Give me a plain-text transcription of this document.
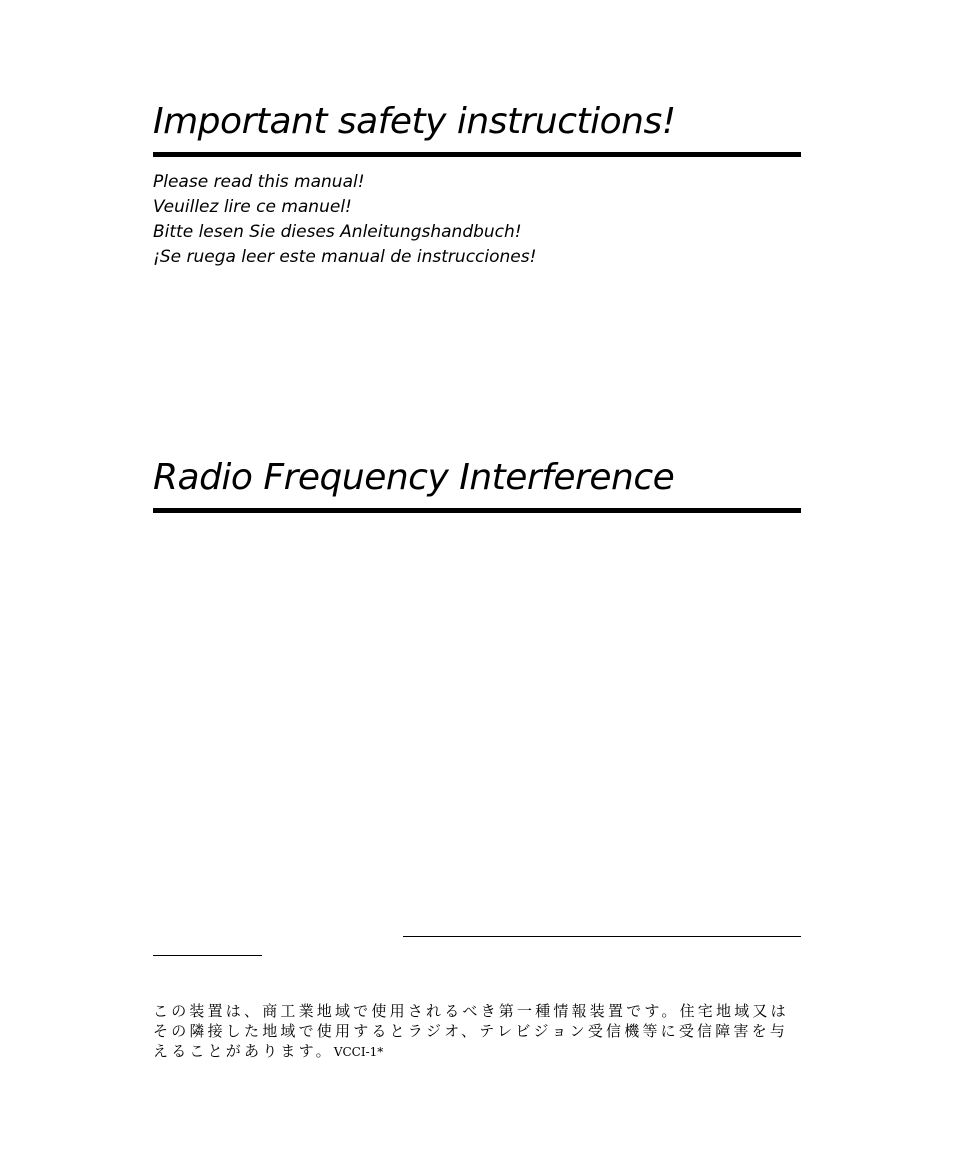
Important safety instructions!
Please read this manual!
Veuillez lire ce manuel!
Bitte lesen Sie dieses Anleitungshandbuch!
¡Se ruega leer este manual de instrucciones!
Radio Frequency Interference
この装置は、商工業地域で使用されるべき第一種情報装置です。住宅地域又はその隣接した地域で使用するとラジオ、テレビジョン受信機等に受信障害を与えることがあります。VCCI-1*
